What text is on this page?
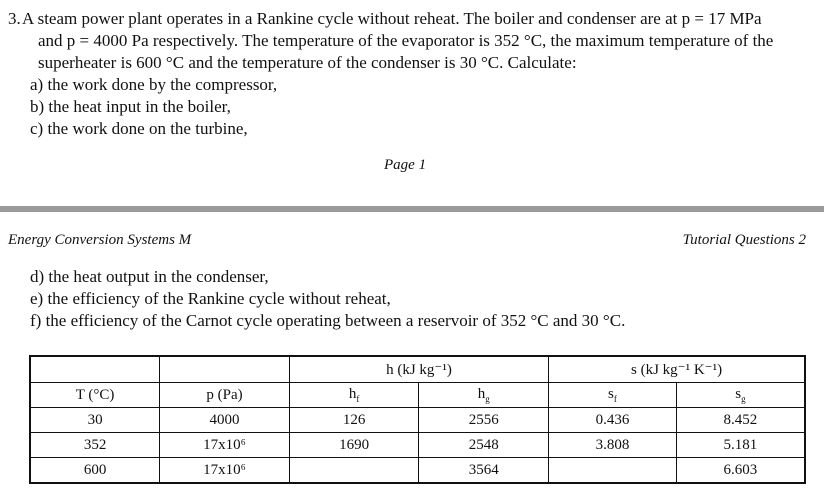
3. A steam power plant operates in a Rankine cycle without reheat. The boiler and condenser are at p = 17 MPa
and p = 4000 Pa respectively. The temperature of the evaporator is 352 °C, the maximum temperature of the
superheater is 600 °C and the temperature of the condenser is 30 °C. Calculate:
a) the work done by the compressor,
b) the heat input in the boiler,
c) the work done on the turbine,
Page 1
Energy Conversion Systems M	Tutorial Questions 2
d) the heat output in the condenser,
e) the efficiency of the Rankine cycle without reheat,
f) the efficiency of the Carnot cycle operating between a reservoir of 352 °C and 30 °C.
		h (kJ kg⁻¹)		s (kJ kg⁻¹ K⁻¹)	
T (°C)	p (Pa)	$h_f$	$h_g$	$s_f$	$s_g$
30	4000	126	2556	0.436	8.452
352	17x10⁶	1690	2548	3.808	5.181
600	17x10⁶		3564		6.603
